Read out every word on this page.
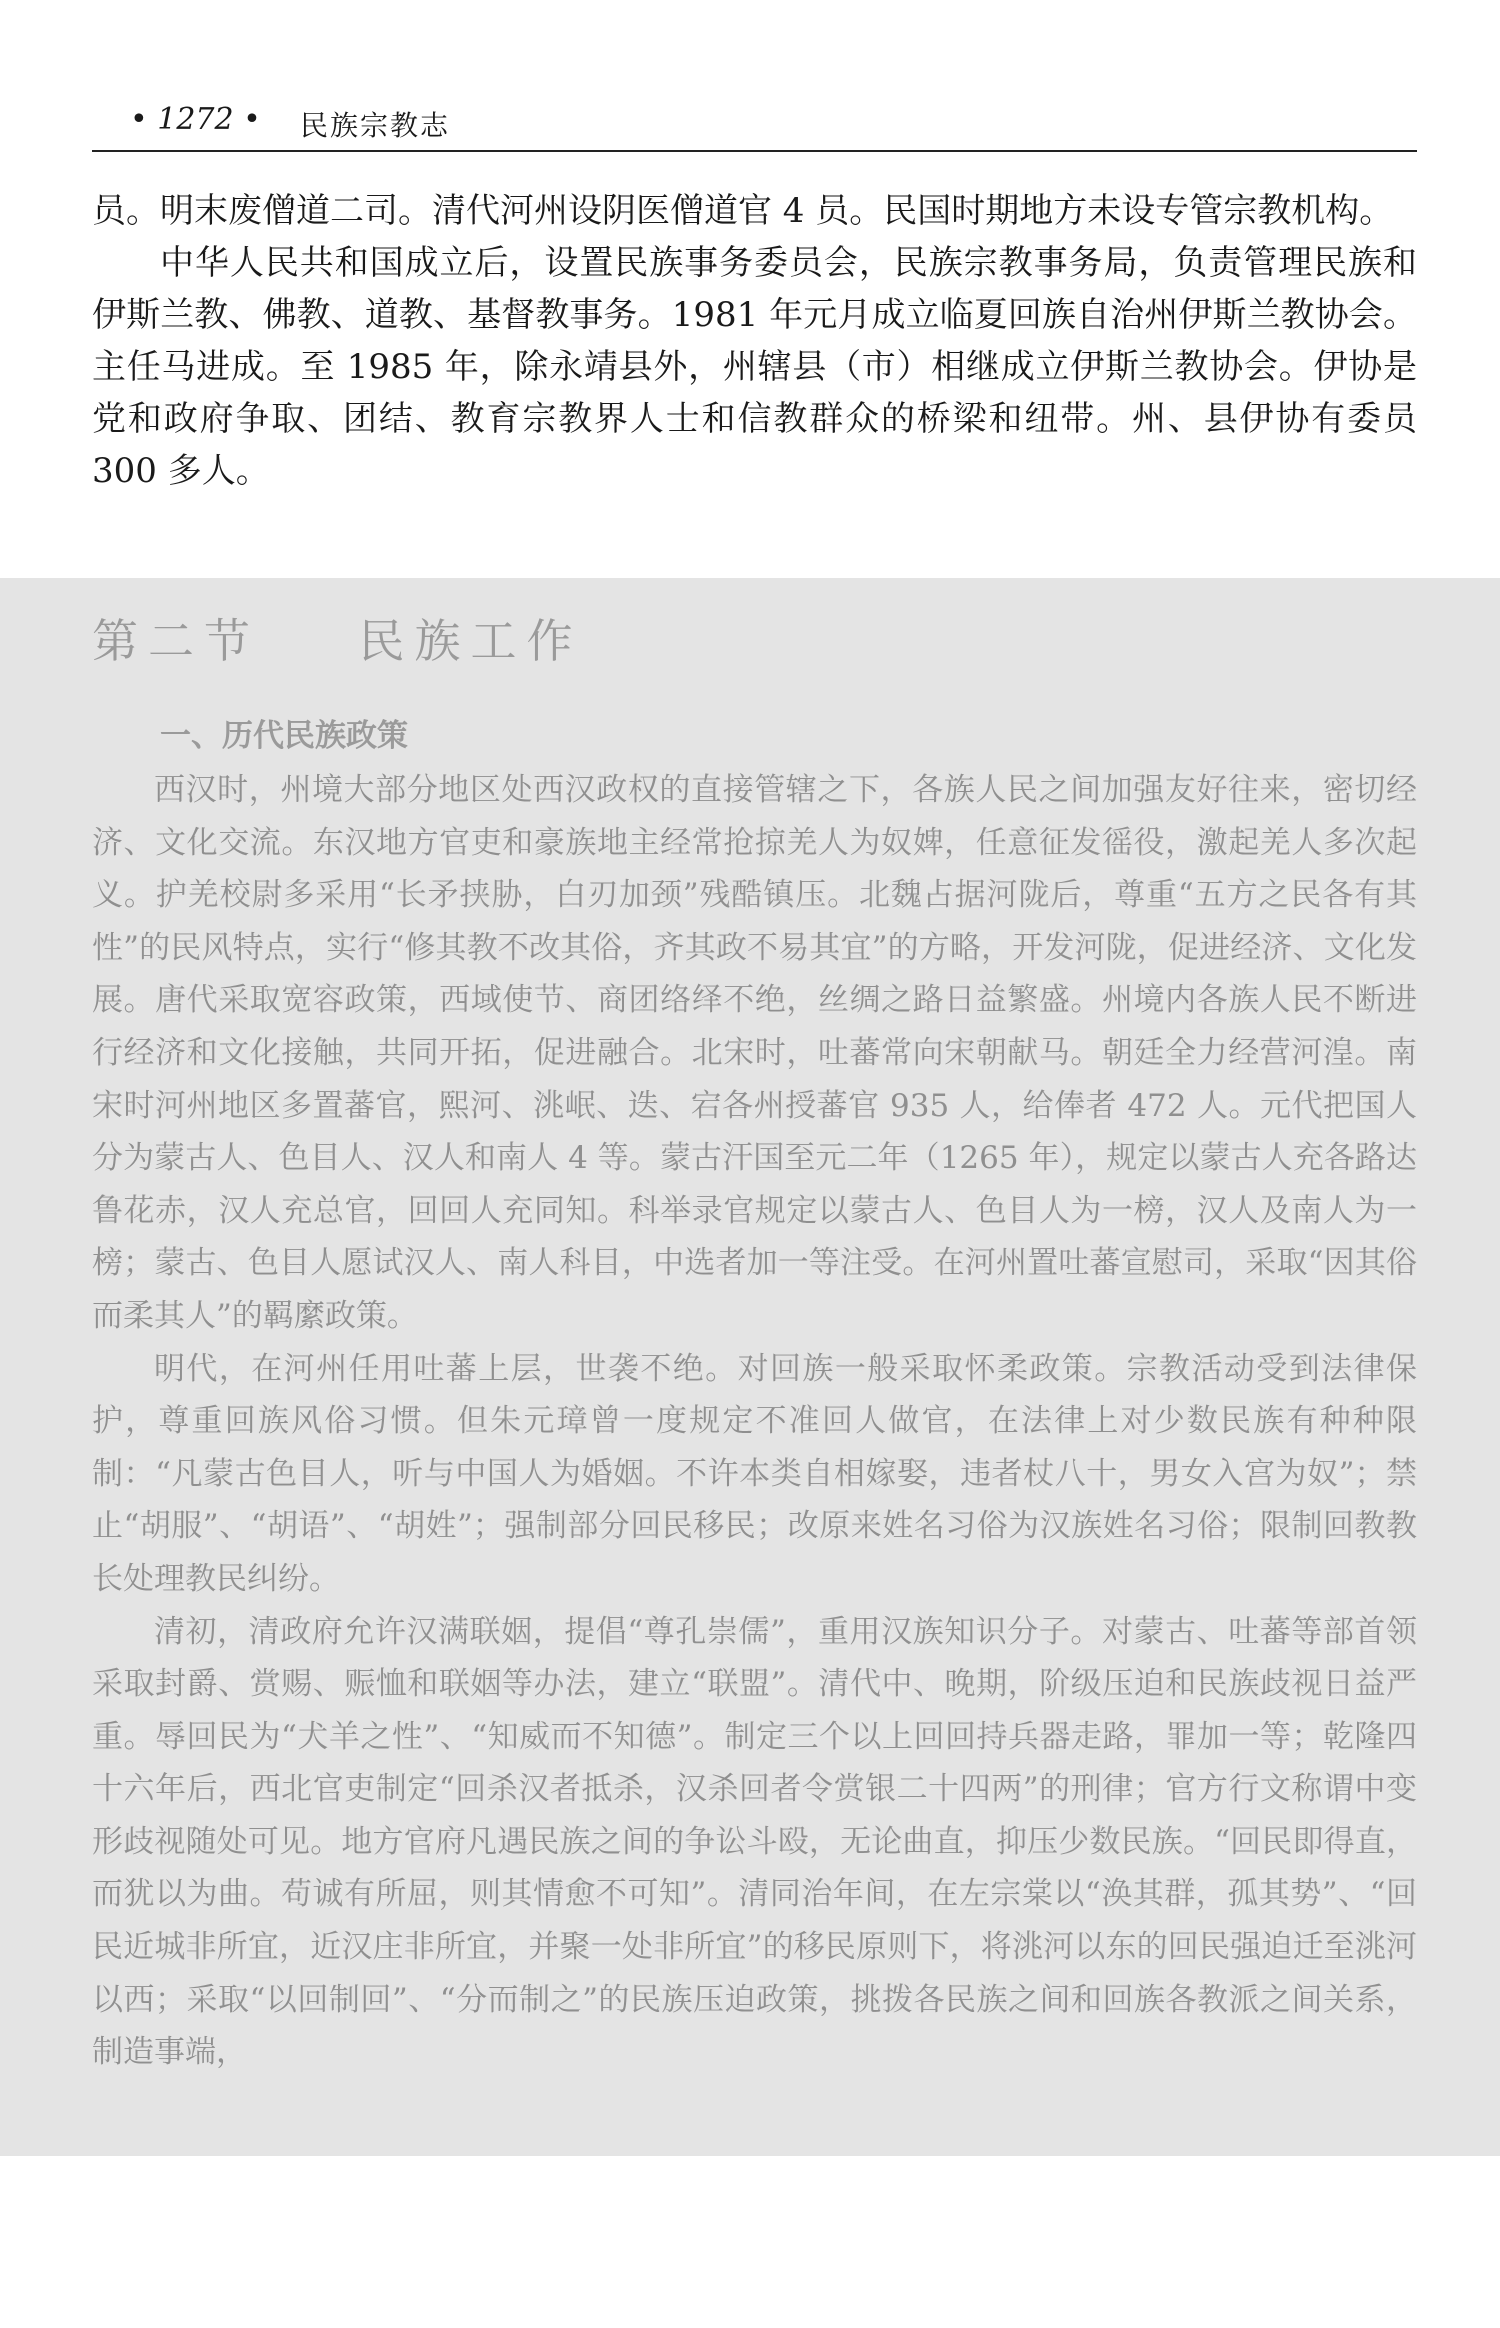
• 1272 • 民族宗教志

员。明末废僧道二司。清代河州设阴医僧道官 4 员。民国时期地方未设专管宗教机构。

中华人民共和国成立后，设置民族事务委员会，民族宗教事务局，负责管理民族和伊斯兰教、佛教、道教、基督教事务。1981 年元月成立临夏回族自治州伊斯兰教协会。主任马进成。至 1985 年，除永靖县外，州辖县（市）相继成立伊斯兰教协会。伊协是党和政府争取、团结、教育宗教界人士和信教群众的桥梁和纽带。州、县伊协有委员 300 多人。

第二节    民族工作
一、历代民族政策

西汉时，州境大部分地区处西汉政权的直接管辖之下，各族人民之间加强友好往来，密切经济、文化交流。东汉地方官吏和豪族地主经常抢掠羌人为奴婢，任意征发徭役，激起羌人多次起义。护羌校尉多采用“长矛挟胁，白刃加颈”残酷镇压。北魏占据河陇后，尊重“五方之民各有其性”的民风特点，实行“修其教不改其俗，齐其政不易其宜”的方略，开发河陇，促进经济、文化发展。唐代采取宽容政策，西域使节、商团络绎不绝，丝绸之路日益繁盛。州境内各族人民不断进行经济和文化接触，共同开拓，促进融合。北宋时，吐蕃常向宋朝献马。朝廷全力经营河湟。南宋时河州地区多置蕃官，熙河、洮岷、迭、宕各州授蕃官 935 人，给俸者 472 人。元代把国人分为蒙古人、色目人、汉人和南人 4 等。蒙古汗国至元二年（1265 年），规定以蒙古人充各路达鲁花赤，汉人充总官，回回人充同知。科举录官规定以蒙古人、色目人为一榜，汉人及南人为一榜；蒙古、色目人愿试汉人、南人科目，中选者加一等注受。在河州置吐蕃宣慰司，采取“因其俗而柔其人”的羁縻政策。

明代，在河州任用吐蕃上层，世袭不绝。对回族一般采取怀柔政策。宗教活动受到法律保护，尊重回族风俗习惯。但朱元璋曾一度规定不准回人做官，在法律上对少数民族有种种限制：“凡蒙古色目人，听与中国人为婚姻。不许本类自相嫁娶，违者杖八十，男女入宫为奴”；禁止“胡服”、“胡语”、“胡姓”；强制部分回民移民；改原来姓名习俗为汉族姓名习俗；限制回教教长处理教民纠纷。

清初，清政府允许汉满联姻，提倡“尊孔崇儒”，重用汉族知识分子。对蒙古、吐蕃等部首领采取封爵、赏赐、赈恤和联姻等办法，建立“联盟”。清代中、晚期，阶级压迫和民族歧视日益严重。辱回民为“犬羊之性”、“知威而不知德”。制定三个以上回回持兵器走路，罪加一等；乾隆四十六年后，西北官吏制定“回杀汉者抵杀，汉杀回者令赏银二十四两”的刑律；官方行文称谓中变形歧视随处可见。地方官府凡遇民族之间的争讼斗殴，无论曲直，抑压少数民族。“回民即得直，而犹以为曲。苟诚有所屈，则其情愈不可知”。清同治年间，在左宗棠以“涣其群，孤其势”、“回民近城非所宜，近汉庄非所宜，并聚一处非所宜”的移民原则下，将洮河以东的回民强迫迁至洮河以西；采取“以回制回”、“分而制之”的民族压迫政策，挑拨各民族之间和回族各教派之间关系，制造事端，
